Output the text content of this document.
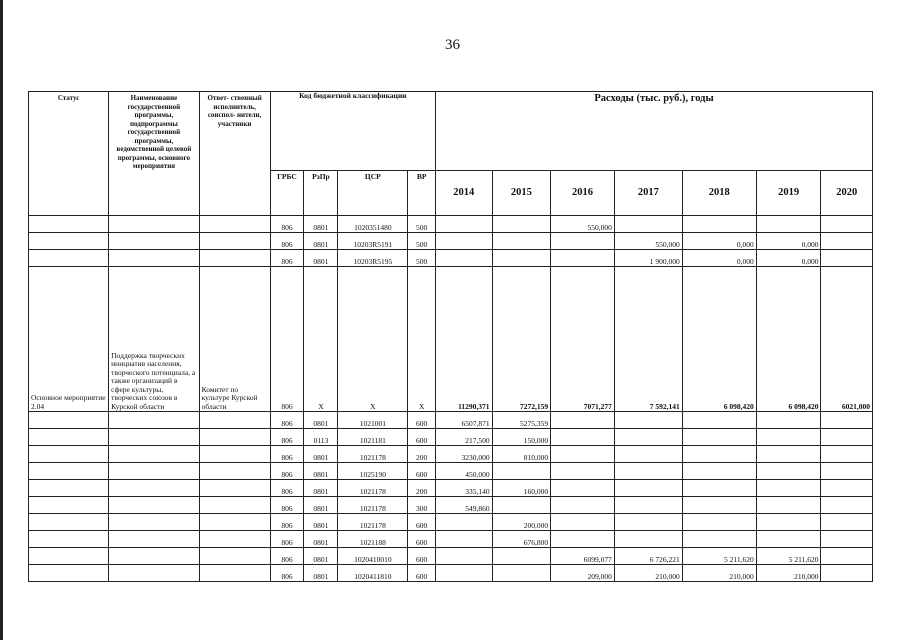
36
Статус	Наименование государственной программы, подпрограммы государственной программы, ведомственной целевой программы, основного мероприятия	Ответ- ственный исполнитель, соиспол- нители, участники	Код бюджетной классификации				Расходы (тыс. руб.), годы						
			ГРБС	РзПр	ЦСР	ВР	2014	2015	2016	2017	2018	2019	2020
			806	0801	1020351480	500			550,000				
			806	0801	10203R5191	500				550,000	0,000	0,000	
			806	0801	10203R5195	500				1 900,000	0,000	0,000	
Основное мероприятие 2.04	Поддержка творческих инициатив населения, творческого потенциала, а также организаций в сфере культуры, творческих союзов в Курской области	Комитет по культуре Курской области	806	X	X	X	11290,371	7272,159	7071,277	7 592,141	6 098,420	6 098,420	6021,000
			806	0801	1021001	600	6507,871	5275,359					
			806	0113	1021181	600	217,500	150,000					
			806	0801	1021178	200	3230,000	810,000					
			806	0801	1025190	600	450,000						
			806	0801	1021178	200	335,140	160,000					
			806	0801	1021178	300	549,860						
			806	0801	1021178	600		200,000					
			806	0801	1021188	600		676,800					
			806	0801	1020410010	600			6099,077	6 726,221	5 211,620	5 211,620	
			806	0801	1020411810	600			209,000	210,000	210,000	210,000	
